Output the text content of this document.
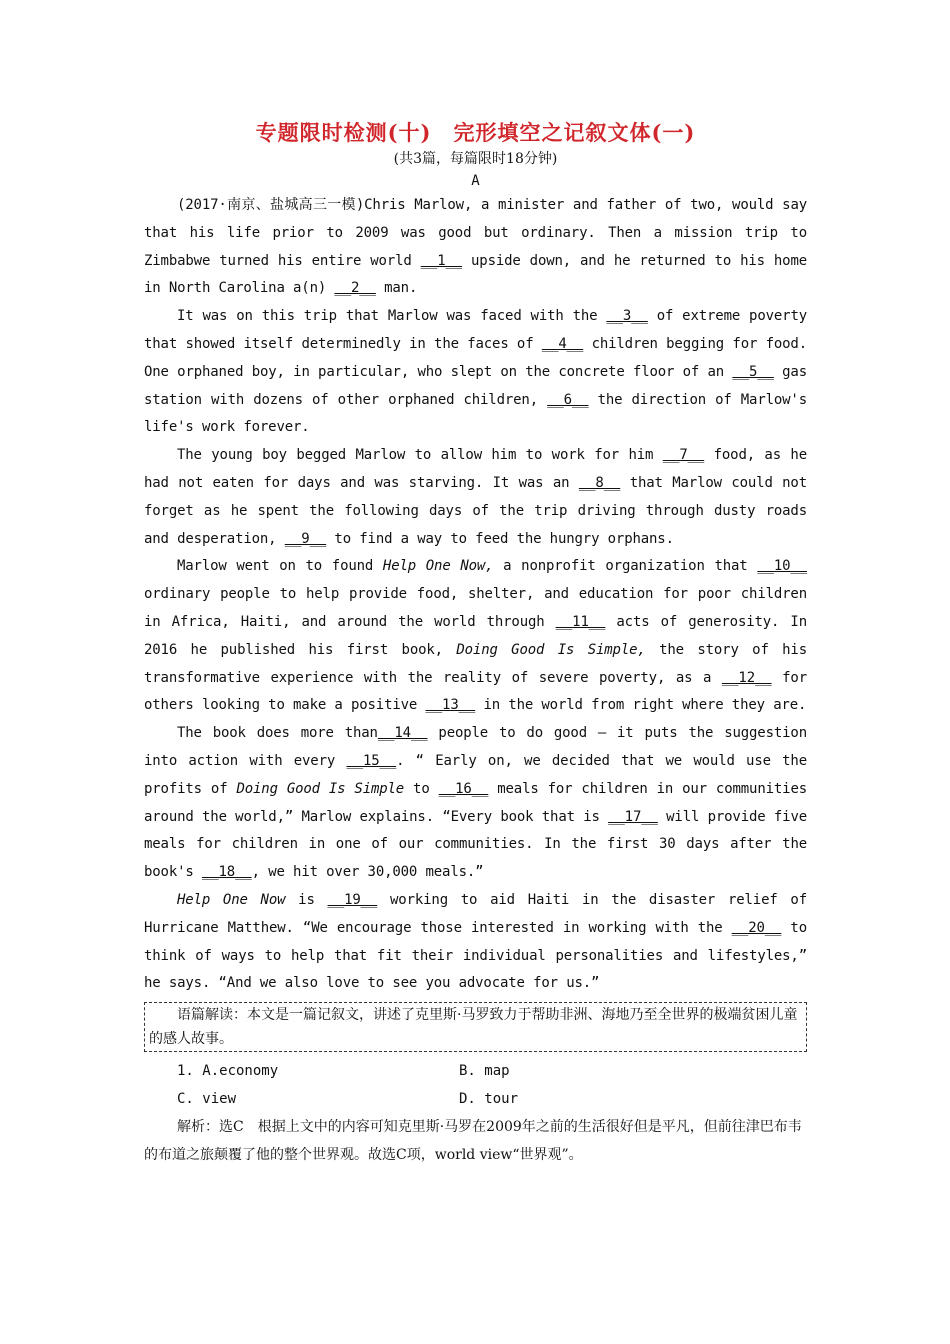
专题限时检测(十)　完形填空之记叙文体(一)
(共3篇，每篇限时18分钟)
A

(2017·南京、盐城高三一模)Chris Marlow, a minister and father of two, would say that his life prior to 2009 was good but ordinary. Then a mission trip to Zimbabwe turned his entire world __1__ upside down, and he returned to his home in North Carolina a(n) __2__ man.

It was on this trip that Marlow was faced with the __3__ of extreme poverty that showed itself determinedly in the faces of __4__ children begging for food. One orphaned boy, in particular, who slept on the concrete floor of an __5__ gas station with dozens of other orphaned children, __6__ the direction of Marlow's life's work forever.

The young boy begged Marlow to allow him to work for him __7__ food, as he had not eaten for days and was starving. It was an __8__ that Marlow could not forget as he spent the following days of the trip driving through dusty roads and desperation, __9__ to find a way to feed the hungry orphans.

Marlow went on to found Help One Now, a nonprofit organization that __10__ ordinary people to help provide food, shelter, and education for poor children in Africa, Haiti, and around the world through __11__ acts of generosity. In 2016 he published his first book, Doing Good Is Simple, the story of his transformative experience with the reality of severe poverty, as a __12__ for others looking to make a positive __13__ in the world from right where they are.

The book does more than__14__ people to do good — it puts the suggestion into action with every __15__. “ Early on, we decided that we would use the profits of Doing Good Is Simple to __16__ meals for children in our communities around the world,” Marlow explains. “Every book that is __17__ will provide five meals for children in one of our communities. In the first 30 days after the book's __18__, we hit over 30,000 meals.”

Help One Now is __19__ working to aid Haiti in the disaster relief of Hurricane Matthew. “We encourage those interested in working with the __20__ to think of ways to help that fit their individual personalities and lifestyles,” he says. “And we also love to see you advocate for us.”

语篇解读：本文是一篇记叙文，讲述了克里斯·马罗致力于帮助非洲、海地乃至全世界的极端贫困儿童的感人故事。
1. A.economy	B. map
C. view	D. tour
解析：选C　根据上文中的内容可知克里斯·马罗在2009年之前的生活很好但是平凡，但前往津巴布韦的布道之旅颠覆了他的整个世界观。故选C项，world view“世界观”。
